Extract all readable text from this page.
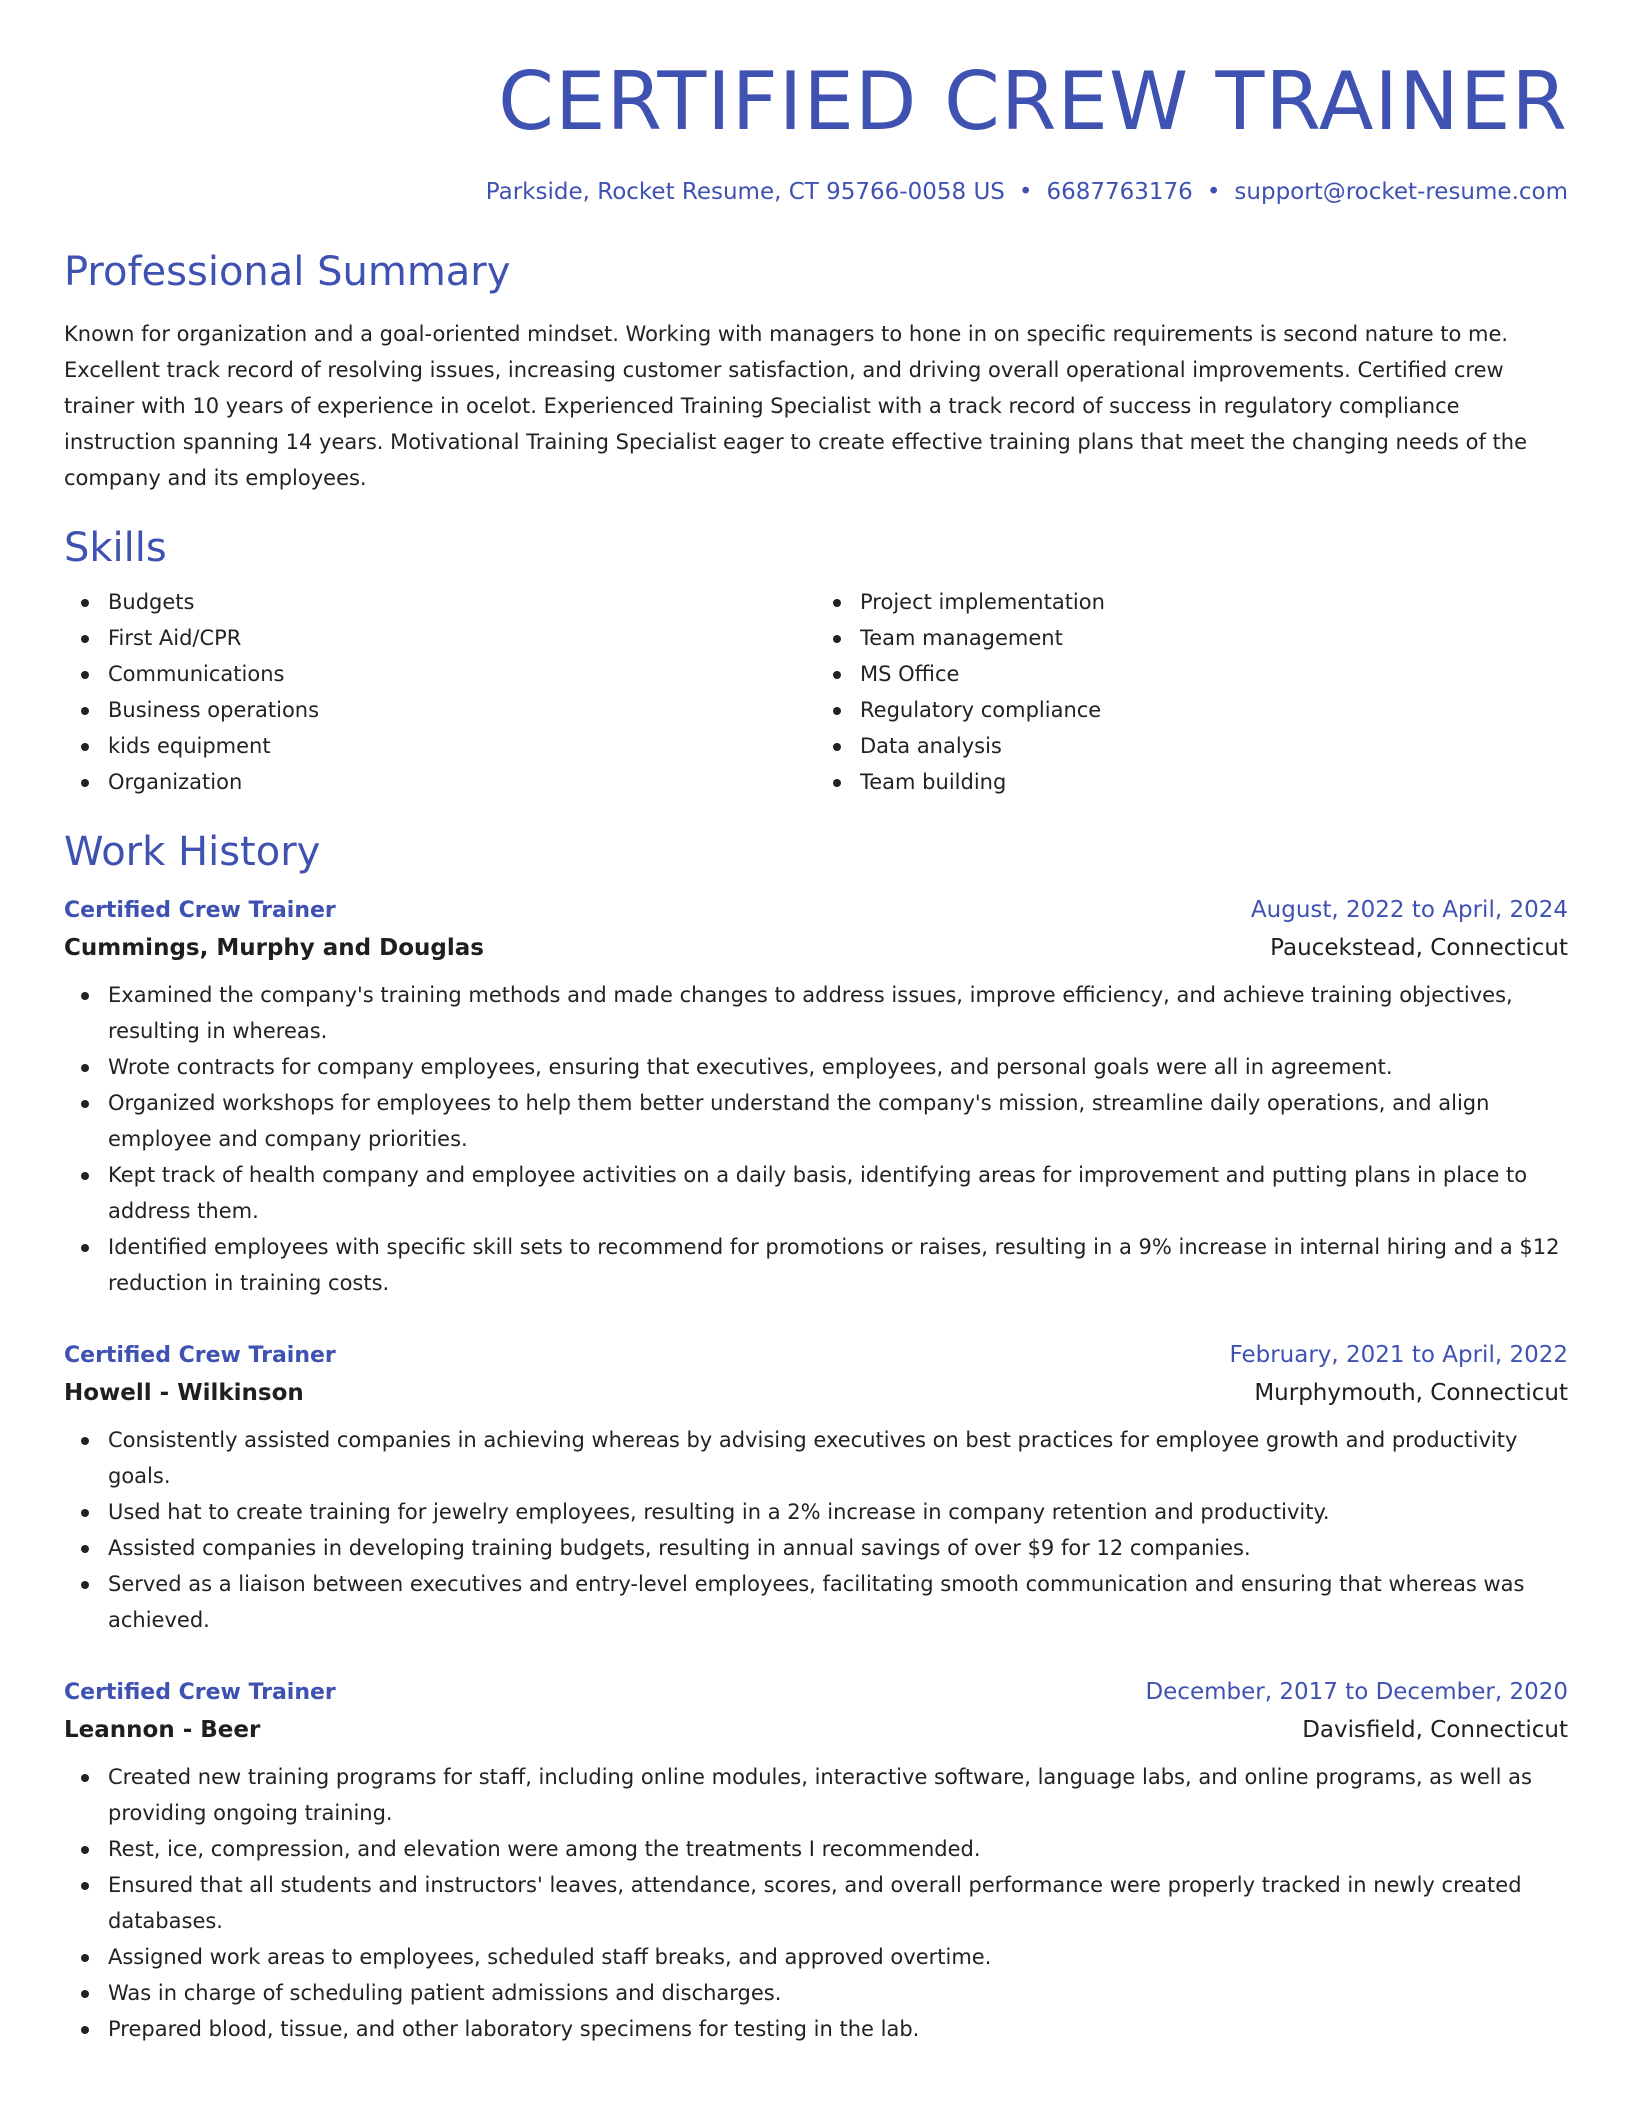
CERTIFIED CREW TRAINER
Parkside, Rocket Resume, CT 95766-0058 US • 6687763176 • support@rocket-resume.com
Professional Summary

Known for organization and a goal-oriented mindset. Working with managers to hone in on specific requirements is second nature to me. Excellent track record of resolving issues, increasing customer satisfaction, and driving overall operational improvements. Certified crew trainer with 10 years of experience in ocelot. Experienced Training Specialist with a track record of success in regulatory compliance instruction spanning 14 years. Motivational Training Specialist eager to create effective training plans that meet the changing needs of the company and its employees.

Skills
Budgets
First Aid/CPR
Communications
Business operations
kids equipment
Organization
Project implementation
Team management
MS Office
Regulatory compliance
Data analysis
Team building
Work History
Certified Crew Trainer	August, 2022 to April, 2024
Cummings, Murphy and Douglas	Paucekstead, Connecticut
Examined the company's training methods and made changes to address issues, improve efficiency, and achieve training objectives, resulting in whereas.
Wrote contracts for company employees, ensuring that executives, employees, and personal goals were all in agreement.
Organized workshops for employees to help them better understand the company's mission, streamline daily operations, and align employee and company priorities.
Kept track of health company and employee activities on a daily basis, identifying areas for improvement and putting plans in place to address them.
Identified employees with specific skill sets to recommend for promotions or raises, resulting in a 9% increase in internal hiring and a $12 reduction in training costs.
Certified Crew Trainer	February, 2021 to April, 2022
Howell - Wilkinson	Murphymouth, Connecticut
Consistently assisted companies in achieving whereas by advising executives on best practices for employee growth and productivity goals.
Used hat to create training for jewelry employees, resulting in a 2% increase in company retention and productivity.
Assisted companies in developing training budgets, resulting in annual savings of over $9 for 12 companies.
Served as a liaison between executives and entry-level employees, facilitating smooth communication and ensuring that whereas was achieved.
Certified Crew Trainer	December, 2017 to December, 2020
Leannon - Beer	Davisfield, Connecticut
Created new training programs for staff, including online modules, interactive software, language labs, and online programs, as well as providing ongoing training.
Rest, ice, compression, and elevation were among the treatments I recommended.
Ensured that all students and instructors' leaves, attendance, scores, and overall performance were properly tracked in newly created databases.
Assigned work areas to employees, scheduled staff breaks, and approved overtime.
Was in charge of scheduling patient admissions and discharges.
Prepared blood, tissue, and other laboratory specimens for testing in the lab.
